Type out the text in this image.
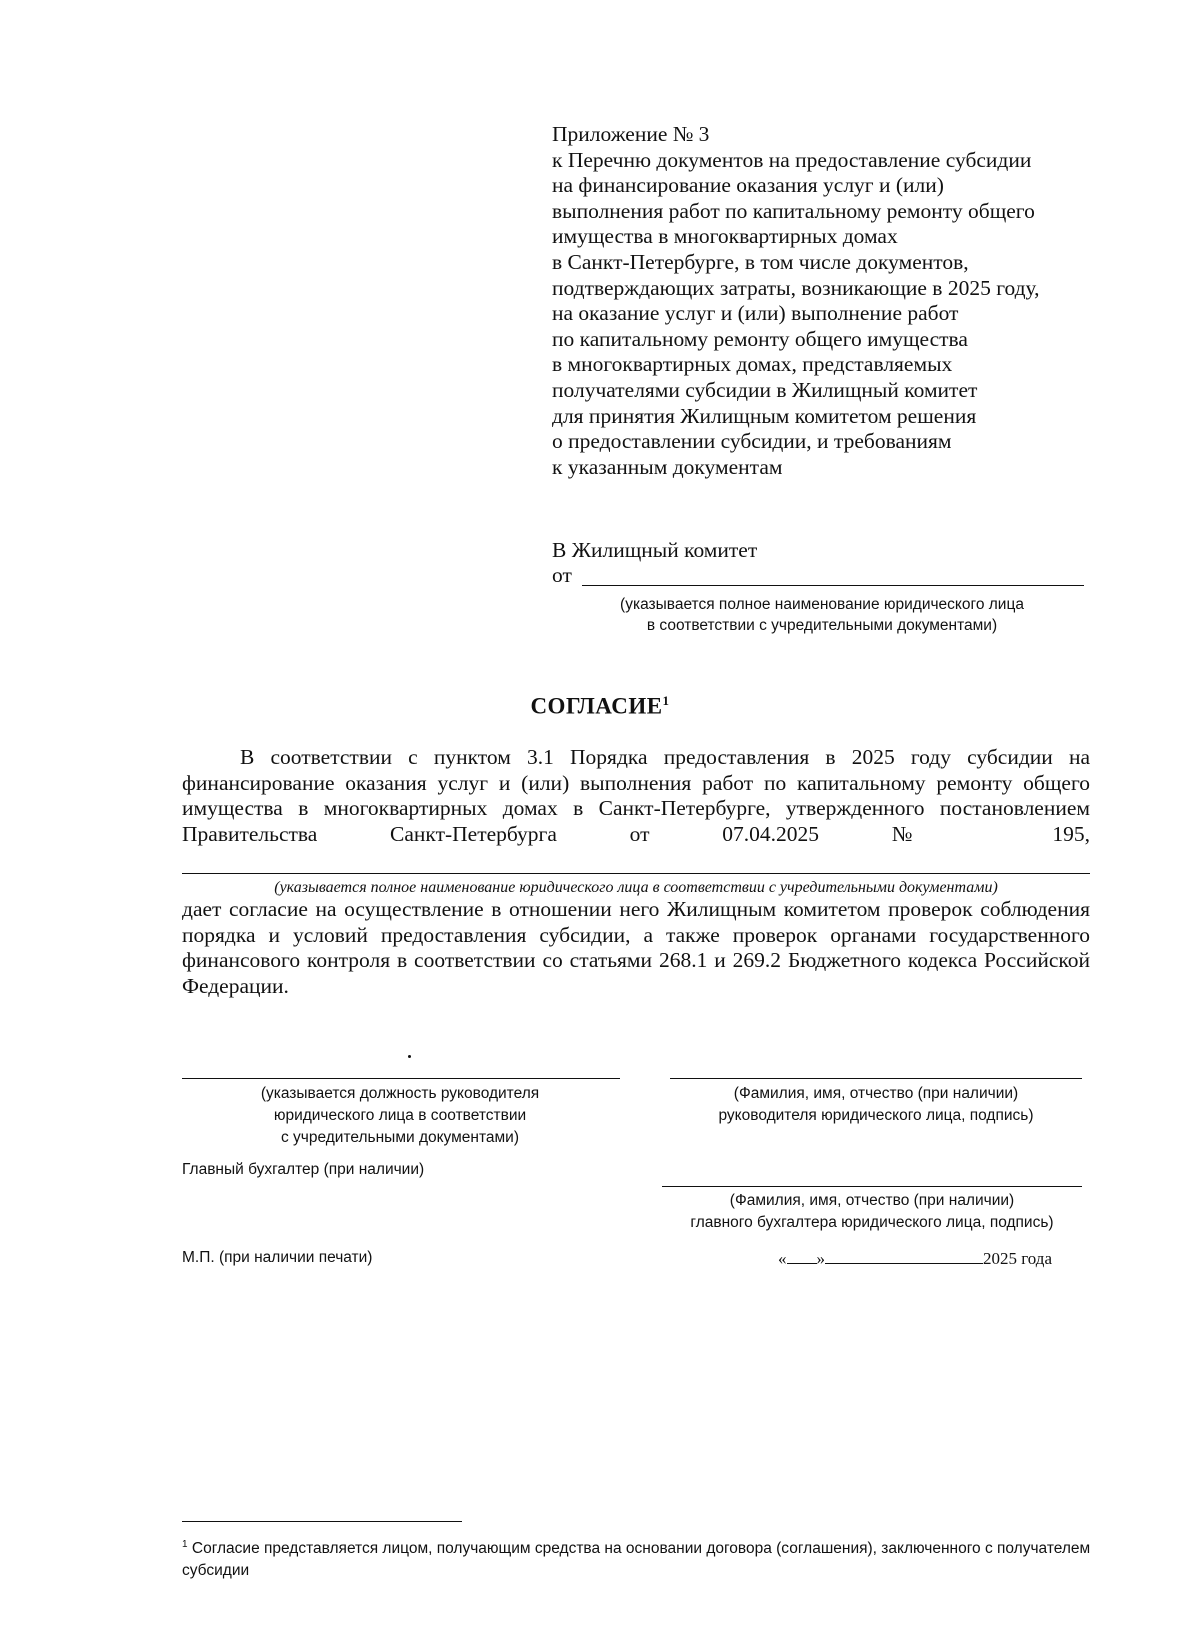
Приложение № 3
к Перечню документов на предоставление субсидии
на финансирование оказания услуг и (или)
выполнения работ по капитальному ремонту общего
имущества в многоквартирных домах
в Санкт-Петербурге, в том числе документов,
подтверждающих затраты, возникающие в 2025 году,
на оказание услуг и (или) выполнение работ
по капитальному ремонту общего имущества
в многоквартирных домах, представляемых
получателями субсидии в Жилищный комитет
для принятия Жилищным комитетом решения
о предоставлении субсидии, и требованиям
к указанным документам
В Жилищный комитет
от
(указывается полное наименование юридического лица
в соответствии с учредительными документами)
СОГЛАСИЕ$^1$
В соответствии с пунктом 3.1 Порядка предоставления в 2025 году субсидии на финансирование оказания услуг и (или) выполнения работ по капитальному ремонту общего имущества в многоквартирных домах в Санкт-Петербурге, утвержденного постановлением Правительства Санкт-Петербурга от 07.04.2025 № 195,
(указывается полное наименование юридического лица в соответствии с учредительными документами)
дает согласие на осуществление в отношении него Жилищным комитетом проверок соблюдения порядка и условий предоставления субсидии, а также проверок органами государственного финансового контроля в соответствии со статьями 268.1 и 269.2 Бюджетного кодекса Российской Федерации.
(указывается должность руководителя
юридического лица в соответствии
с учредительными документами)
(Фамилия, имя, отчество (при наличии)
руководителя юридического лица, подпись)
Главный бухгалтер (при наличии)
(Фамилия, имя, отчество (при наличии)
главного бухгалтера юридического лица, подпись)
М.П. (при наличии печати)	« »	2025 года
$^1$ Согласие представляется лицом, получающим средства на основании договора (соглашения), заключенного с получателем субсидии
